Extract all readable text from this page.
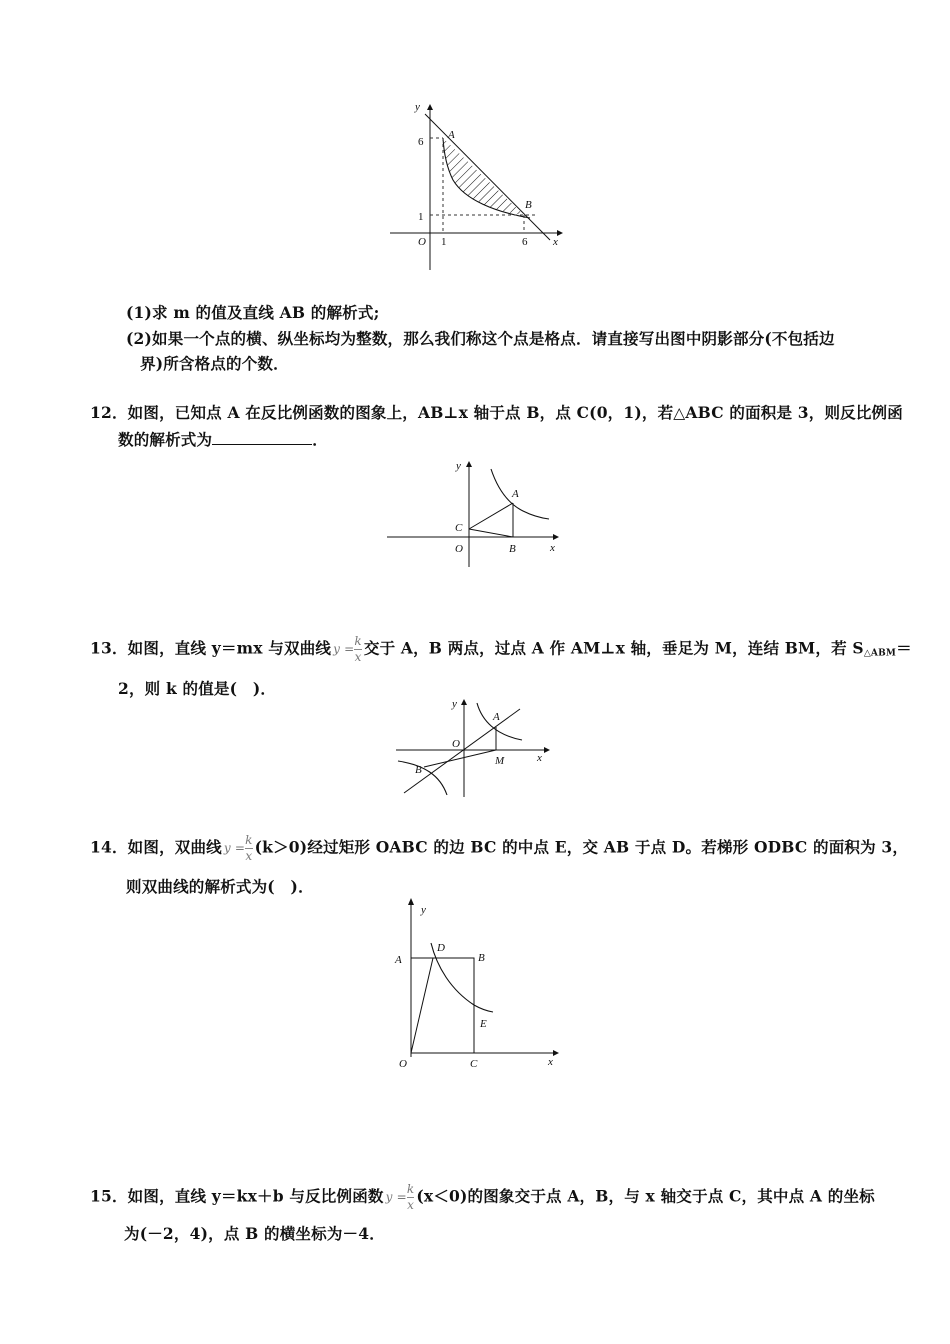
y
x
A
B
O
6
1
1	6
(1)求 m 的值及直线 AB 的解析式;
(2)如果一个点的横、纵坐标均为整数，那么我们称这个点是格点．请直接写出图中阴影部分(不包括边
界)所含格点的个数．
12．如图，已知点 A 在反比例函数的图象上，AB⊥x 轴于点 B，点 C(0，1)，若△ABC 的面积是 3，则反比例函
数的解析式为	．
y
x
A
B
C
O
13．如图，直线 y＝mx 与双曲线 $y =\frac{k}{x}$ 交于 A，B 两点，过点 A 作 AM⊥x 轴，垂足为 M，连结 BM，若 $S_{\triangle ABM}=$
2，则 k 的值是(　)．
y
x
A
B
M
O
14．如图，双曲线 $y =\frac{k}{x} (k>0)$经过矩形 OABC 的边 BC 的中点 E，交 AB 于点 D。若梯形 ODBC 的面积为 3，
则双曲线的解析式为(　)．
y
x
A	B
C
D
E
O
15．如图，直线 y＝kx＋b 与反比例函数 $y =\frac{k}{x} (x<0)$的图象交于点 A，B，与 x 轴交于点 C，其中点 A 的坐标
为(－2，4)，点 B 的横坐标为－4．
